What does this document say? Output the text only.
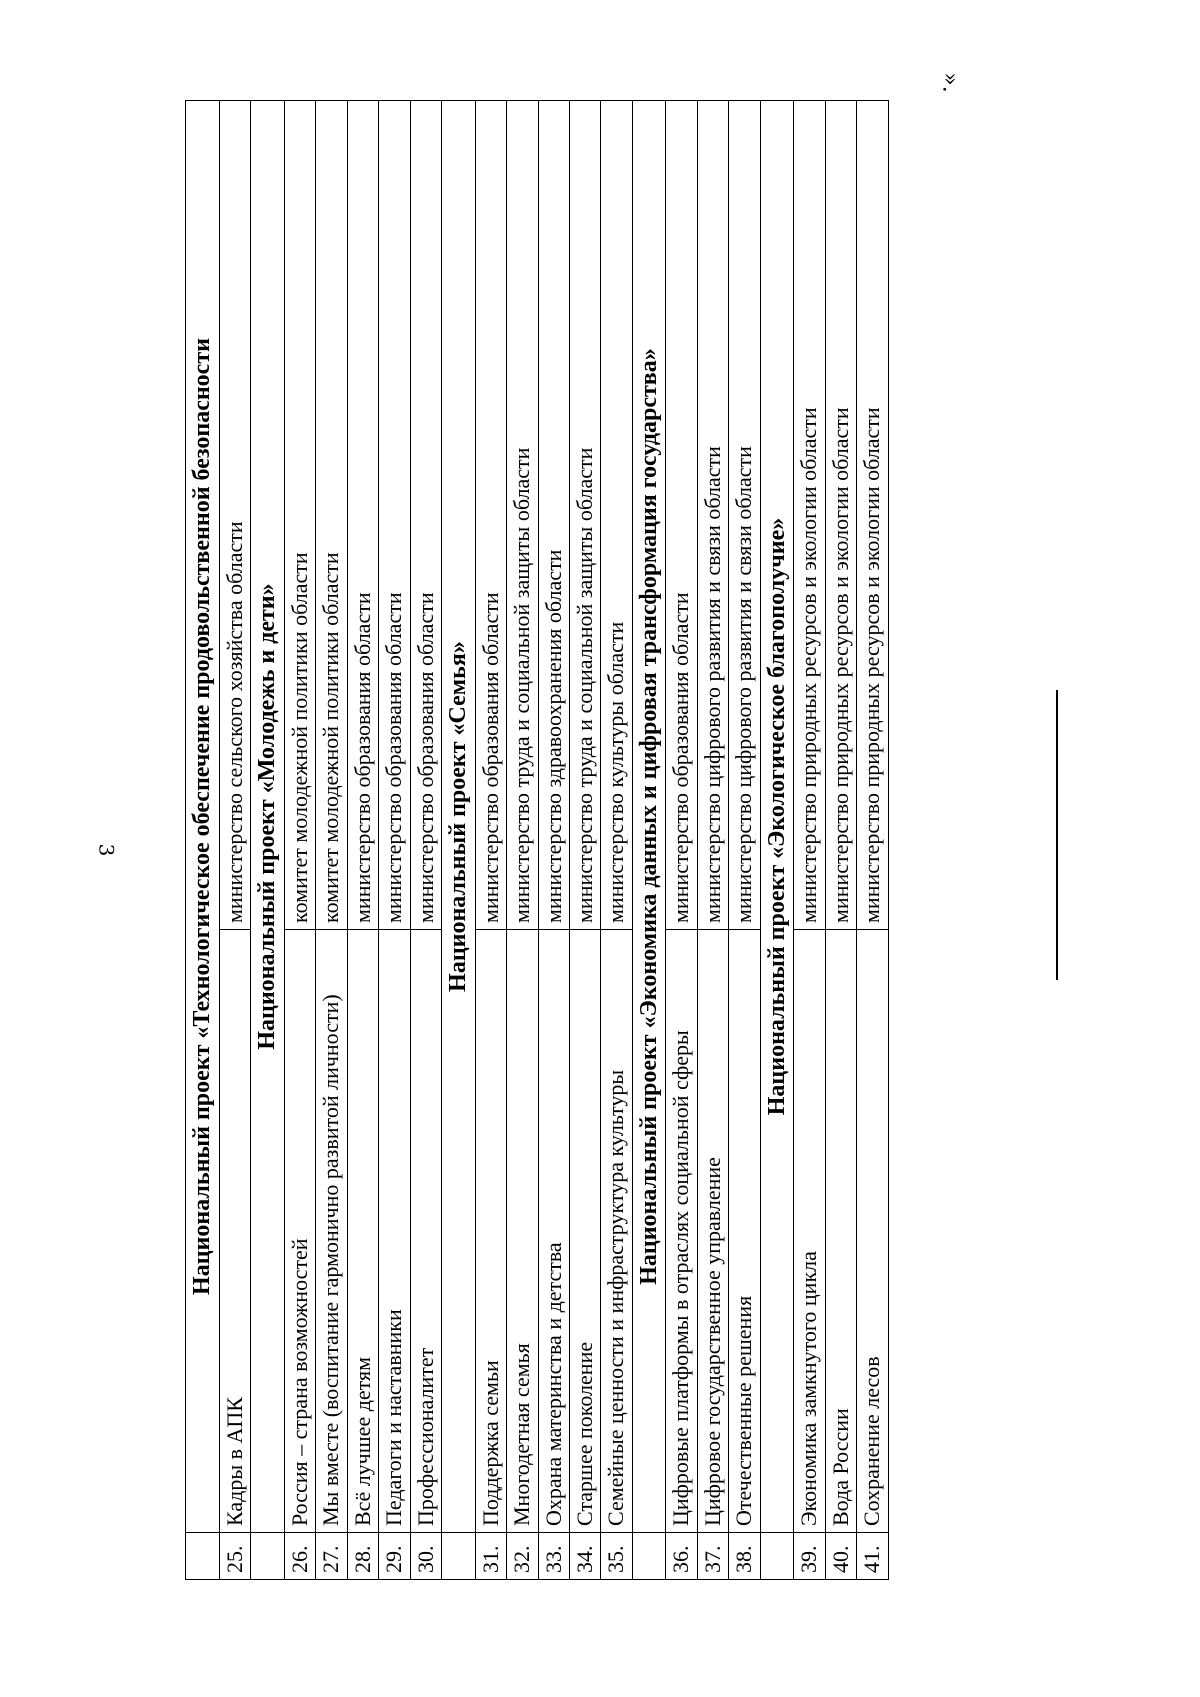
3
».
	Национальный проект «Технологическое обеспечение продовольственной безопасности	
25.	Кадры в АПК	министерство сельского хозяйства области
	Национальный проект «Молодежь и дети»	
26.	Россия – страна возможностей	комитет молодежной политики области
27.	Мы вместе (воспитание гармонично развитой личности)	комитет молодежной политики области
28.	Всё лучшее детям	министерство образования области
29.	Педагоги и наставники	министерство образования области
30.	Профессионалитет	министерство образования области
	Национальный проект «Семья»	
31.	Поддержка семьи	министерство образования области
32.	Многодетная семья	министерство труда и социальной защиты области
33.	Охрана материнства и детства	министерство здравоохранения области
34.	Старшее поколение	министерство труда и социальной защиты области
35.	Семейные ценности и инфраструктура культуры	министерство культуры области
	Национальный проект «Экономика данных и цифровая трансформация государства»	
36.	Цифровые платформы в отраслях социальной сферы	министерство образования области
37.	Цифровое государственное управление	министерство цифрового развития и связи области
38.	Отечественные решения	министерство цифрового развития и связи области
	Национальный проект «Экологическое благополучие»	
39.	Экономика замкнутого цикла	министерство природных ресурсов и экологии области
40.	Вода России	министерство природных ресурсов и экологии области
41.	Сохранение лесов	министерство природных ресурсов и экологии области
